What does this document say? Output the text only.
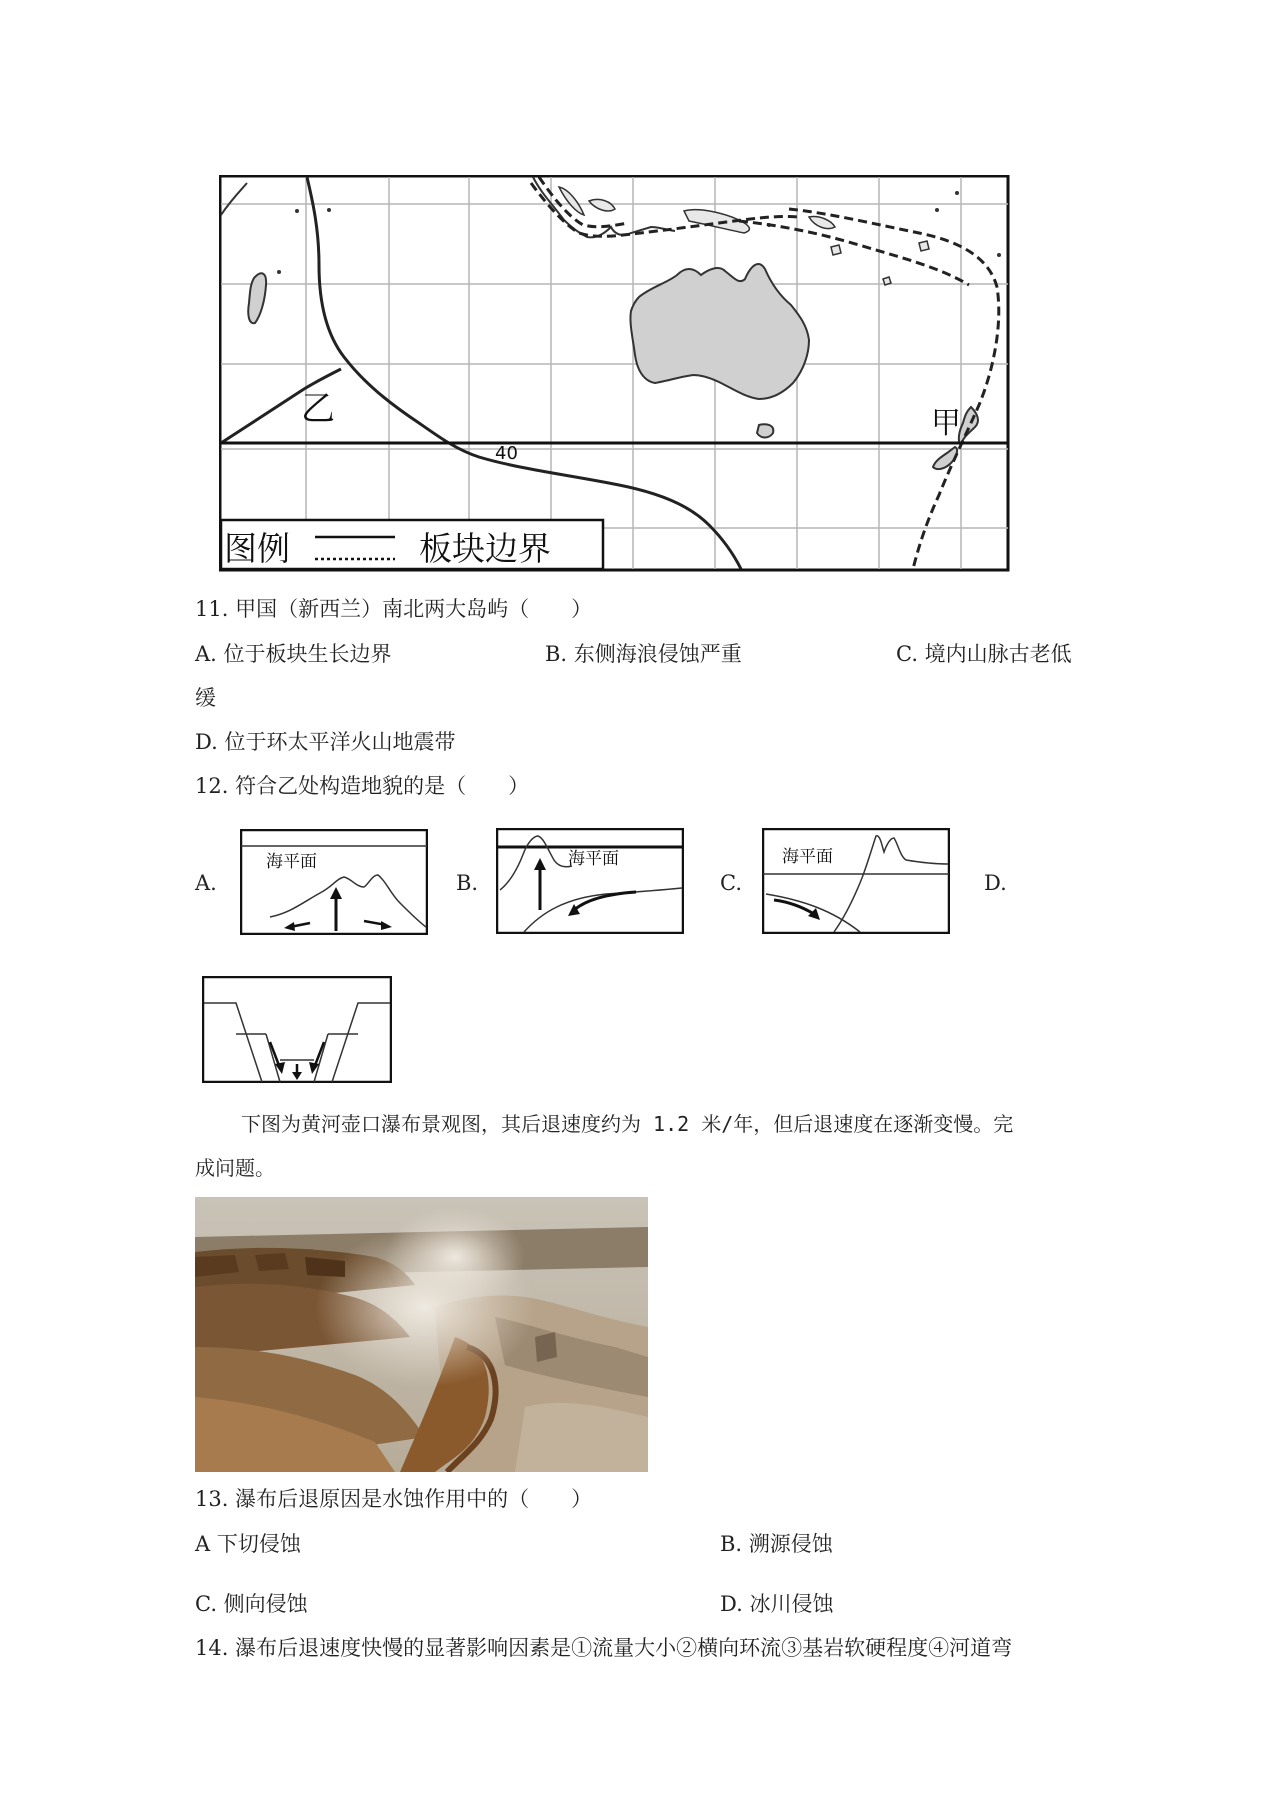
乙	甲
40
图例	板块边界
11. 甲国（新西兰）南北两大岛屿（　　）
A. 位于板块生长边界	B. 东侧海浪侵蚀严重	C. 境内山脉古老低
缓
D. 位于环太平洋火山地震带
12. 符合乙处构造地貌的是（　　）
A.
海平面
B.
海平面
C.
海平面
D.
下图为黄河壶口瀑布景观图，其后退速度约为 1.2 米/年，但后退速度在逐渐变慢。完
成问题。
13. 瀑布后退原因是水蚀作用中的（　　）
A 下切侵蚀	B. 溯源侵蚀
C. 侧向侵蚀	D. 冰川侵蚀
14. 瀑布后退速度快慢的显著影响因素是①流量大小②横向环流③基岩软硬程度④河道弯
